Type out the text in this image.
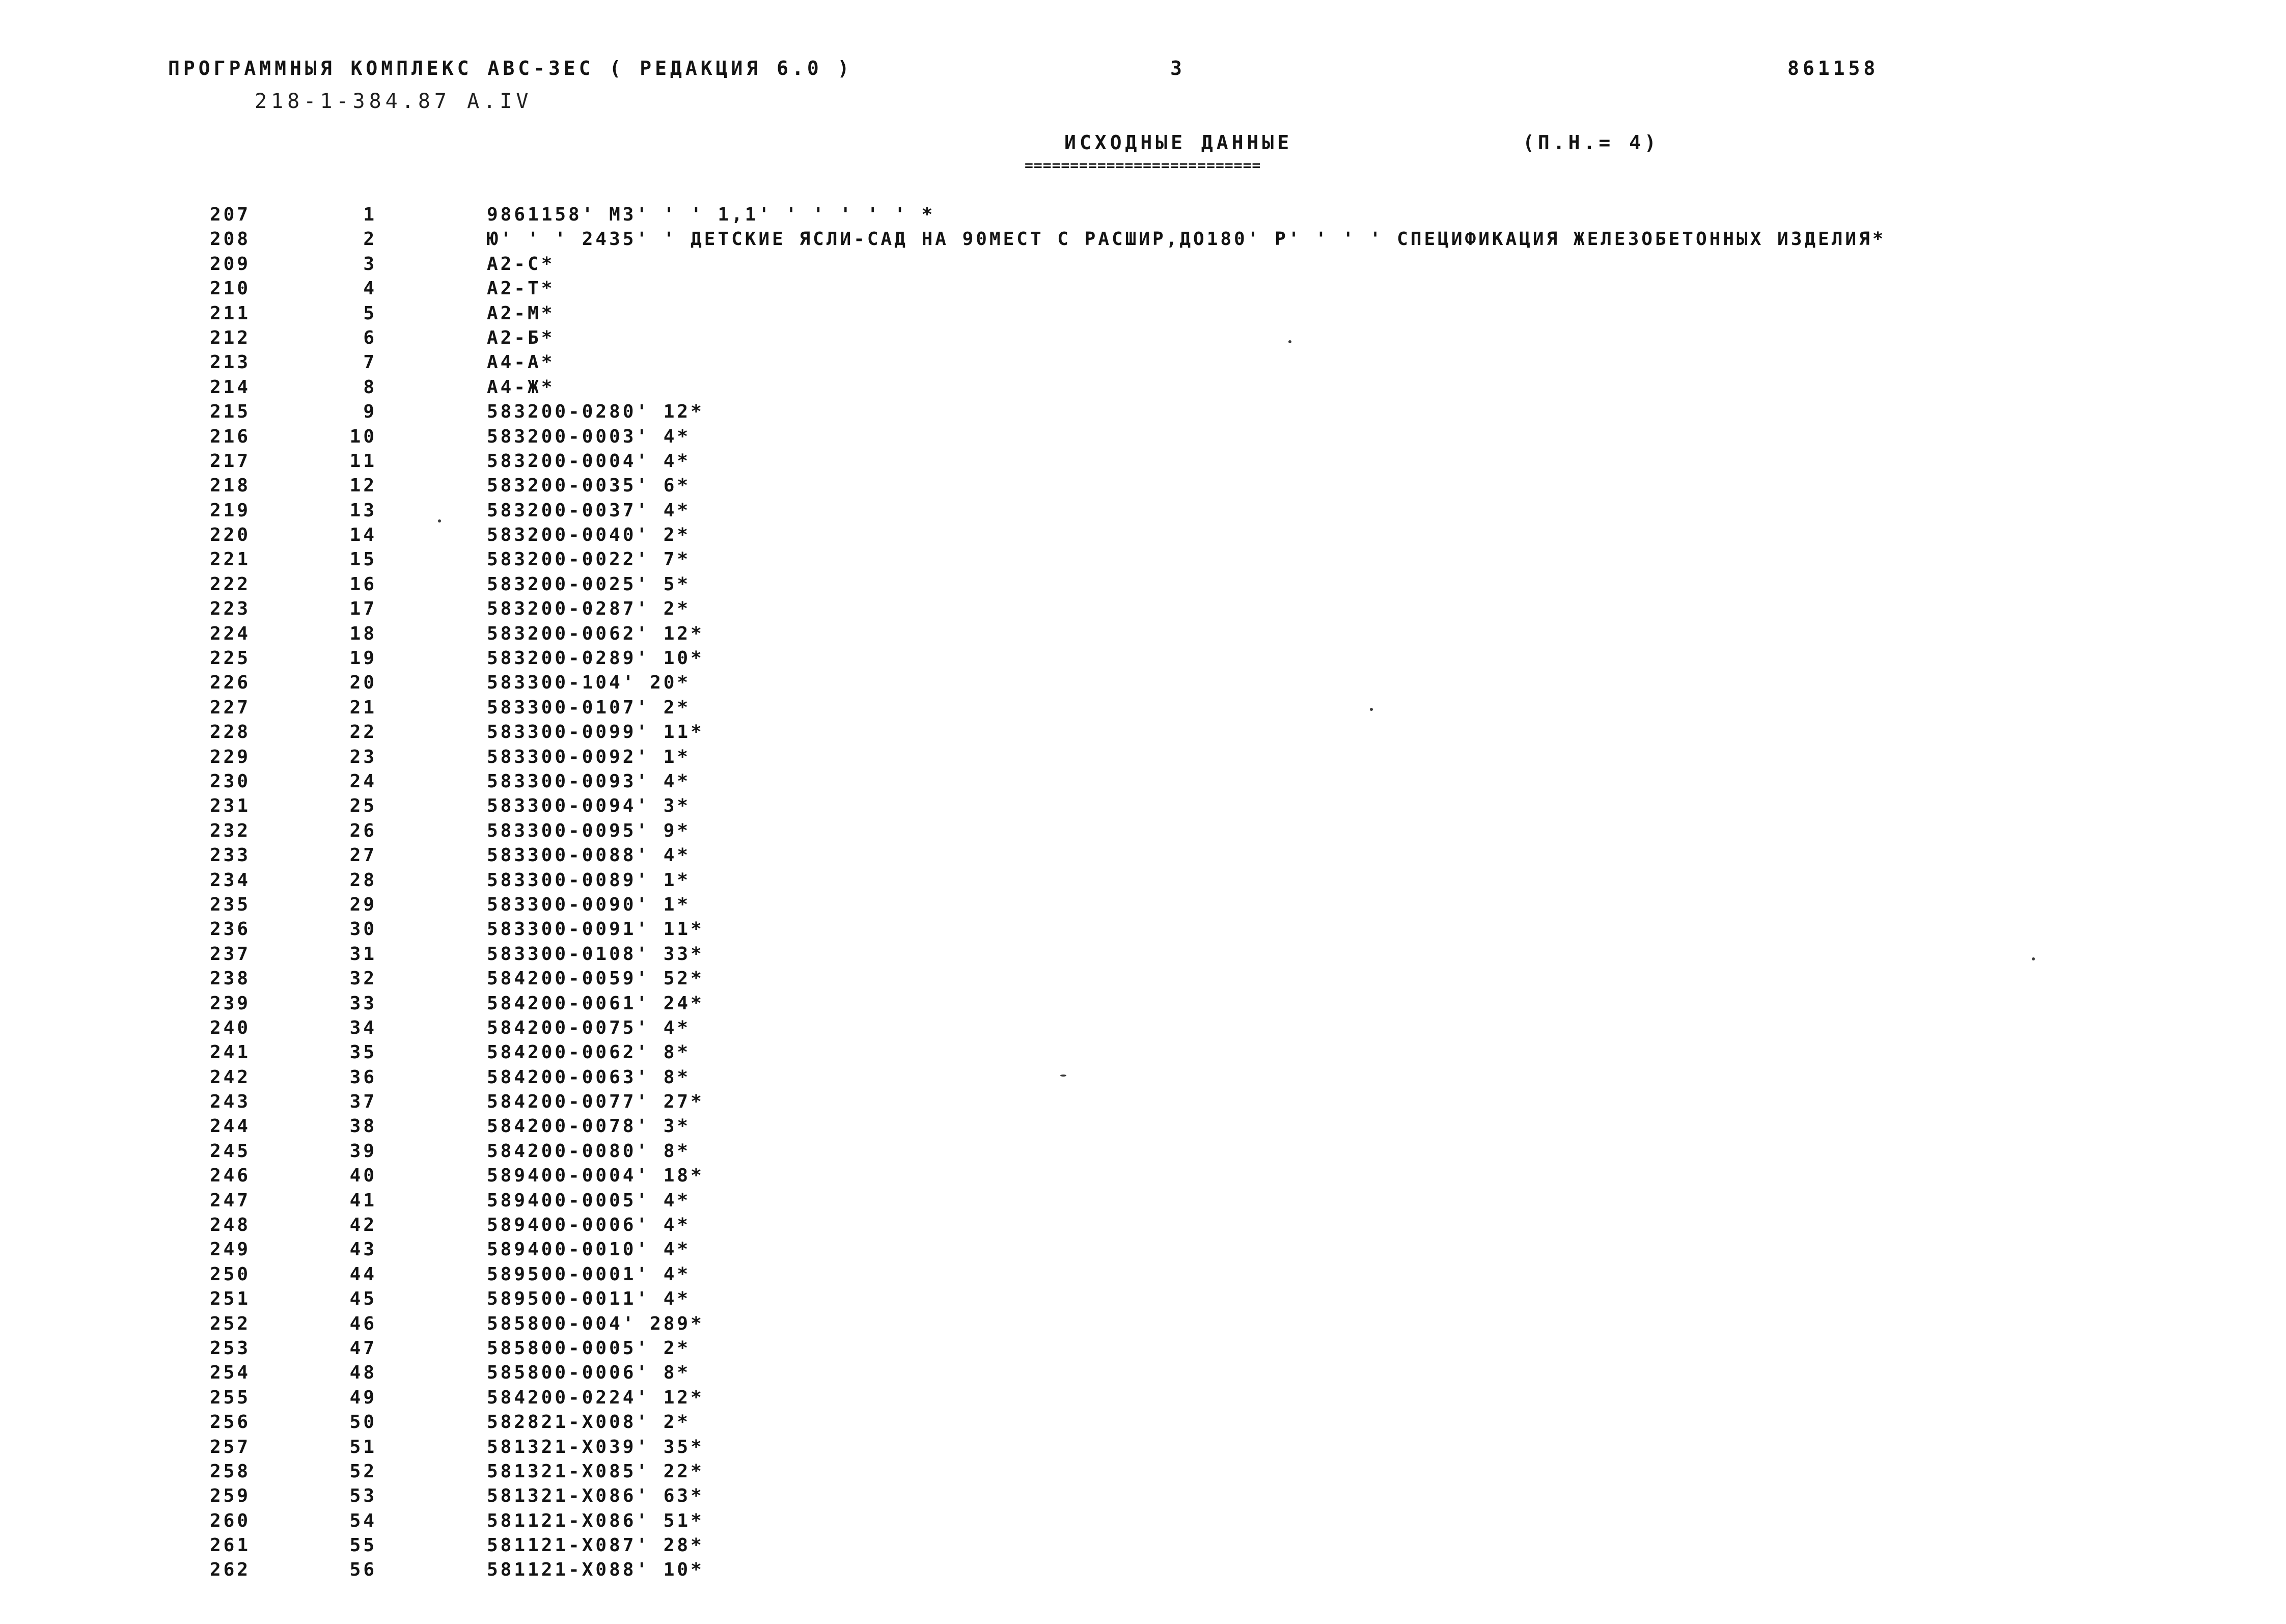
ПРОГРАММНЫЯ КОМПЛЕКС АВС-3ЕС ( РЕДАКЦИЯ 6.0 )	3	861158
218-1-384.87 A.IV
ИСХОДНЫЕ ДАННЫЕ
==========================
(П.Н.= 4)
207	1	9861158' МЗ' ' ' 1,1' ' ' ' ' ' *
208	2	Ю' ' ' 2435' ' ДЕТСКИЕ ЯСЛИ-САД НА 90МЕСТ С РАСШИР,ДО180' Р' ' ' ' СПЕЦИФИКАЦИЯ ЖЕЛЕЗОБЕТОННЫХ ИЗДЕЛИЯ*
209	3	А2-С*
210	4	А2-Т*
211	5	А2-М*
212	6	А2-Б*
213	7	А4-А*
214	8	А4-Ж*
215	9	583200-0280' 12*
216	10	583200-0003' 4*
217	11	583200-0004' 4*
218	12	583200-0035' 6*
219	13	583200-0037' 4*
220	14	583200-0040' 2*
221	15	583200-0022' 7*
222	16	583200-0025' 5*
223	17	583200-0287' 2*
224	18	583200-0062' 12*
225	19	583200-0289' 10*
226	20	583300-104' 20*
227	21	583300-0107' 2*
228	22	583300-0099' 11*
229	23	583300-0092' 1*
230	24	583300-0093' 4*
231	25	583300-0094' 3*
232	26	583300-0095' 9*
233	27	583300-0088' 4*
234	28	583300-0089' 1*
235	29	583300-0090' 1*
236	30	583300-0091' 11*
237	31	583300-0108' 33*
238	32	584200-0059' 52*
239	33	584200-0061' 24*
240	34	584200-0075' 4*
241	35	584200-0062' 8*
242	36	584200-0063' 8*
243	37	584200-0077' 27*
244	38	584200-0078' 3*
245	39	584200-0080' 8*
246	40	589400-0004' 18*
247	41	589400-0005' 4*
248	42	589400-0006' 4*
249	43	589400-0010' 4*
250	44	589500-0001' 4*
251	45	589500-0011' 4*
252	46	585800-004' 289*
253	47	585800-0005' 2*
254	48	585800-0006' 8*
255	49	584200-0224' 12*
256	50	582821-X008' 2*
257	51	581321-X039' 35*
258	52	581321-X085' 22*
259	53	581321-X086' 63*
260	54	581121-X086' 51*
261	55	581121-X087' 28*
262	56	581121-X088' 10*
